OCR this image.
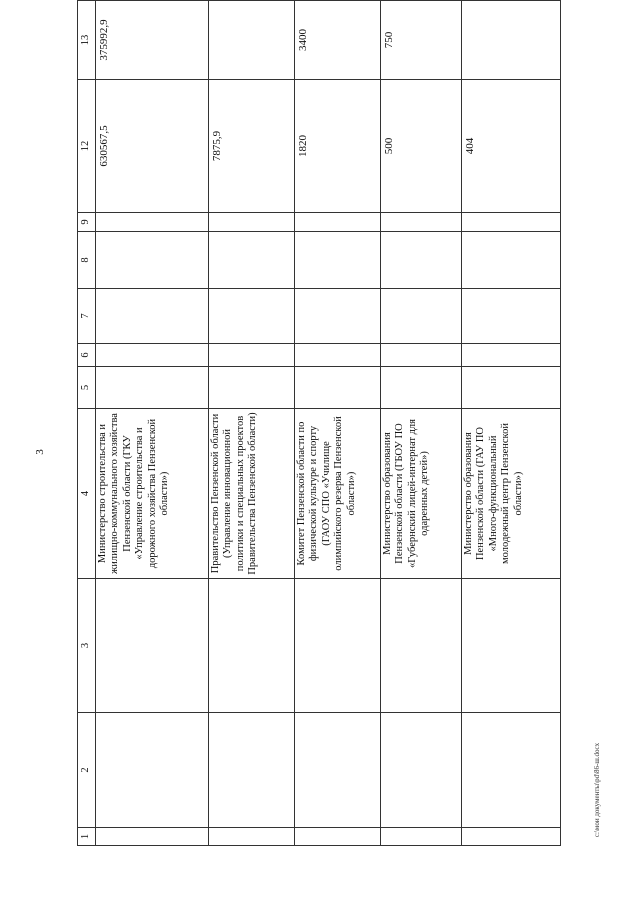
3
1	2	3	4	5	6	7	8	9	12	13
			Министерство строительства и жилищно-коммунального хозяйства Пензенской области (ГКУ «Управление строительства и дорожного хозяйства Пензенской области»)						630567,5	375992,9
			Правительство Пензенской области (Управление инновационной политики и специальных проектов Правительства Пензенской области)						7875,9	
			Комитет Пензенской области по физической культуре и спорту (ГАОУ СПО «Училище олимпийского резерва Пензенской области»)						1820	3400
			Министерство образования Пензенской области (ГБОУ ПО «Губернский лицей-интернат для одаренных детей»)						500	750
			Министерство образования Пензенской области (ГАУ ПО «Много-функциональный молодежный центр Пензенской области»)						404	
c:\мои документы\pd\86-ш.docx
